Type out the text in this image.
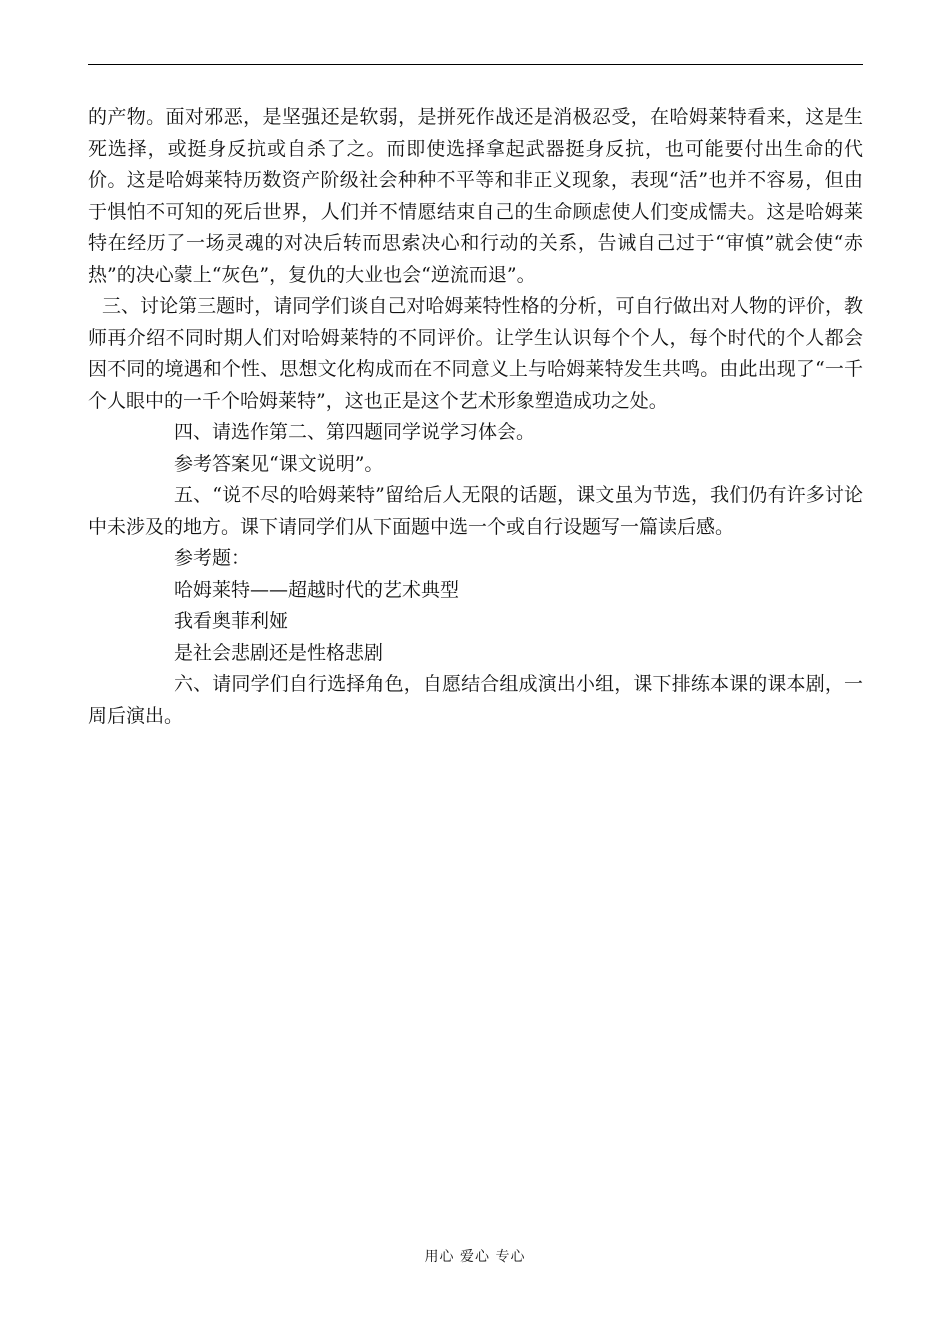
的产物。面对邪恶，是坚强还是软弱，是拼死作战还是消极忍受，在哈姆莱特看来，这是生死选择，或挺身反抗或自杀了之。而即使选择拿起武器挺身反抗，也可能要付出生命的代价。这是哈姆莱特历数资产阶级社会种种不平等和非正义现象，表现“活”也并不容易，但由于惧怕不可知的死后世界，人们并不情愿结束自己的生命顾虑使人们变成懦夫。这是哈姆莱特在经历了一场灵魂的对决后转而思索决心和行动的关系，告诫自己过于“审慎”就会使“赤热”的决心蒙上“灰色”，复仇的大业也会“逆流而退”。

三、讨论第三题时，请同学们谈自己对哈姆莱特性格的分析，可自行做出对人物的评价，教师再介绍不同时期人们对哈姆莱特的不同评价。让学生认识每个个人，每个时代的个人都会因不同的境遇和个性、思想文化构成而在不同意义上与哈姆莱特发生共鸣。由此出现了“一千个人眼中的一千个哈姆莱特”，这也正是这个艺术形象塑造成功之处。

四、请选作第二、第四题同学说学习体会。

参考答案见“课文说明”。

五、“说不尽的哈姆莱特”留给后人无限的话题，课文虽为节选，我们仍有许多讨论中未涉及的地方。课下请同学们从下面题中选一个或自行设题写一篇读后感。

参考题：

哈姆莱特——超越时代的艺术典型

我看奥菲利娅

是社会悲剧还是性格悲剧

六、请同学们自行选择角色，自愿结合组成演出小组，课下排练本课的课本剧，一周后演出。

用心 爱心 专心
